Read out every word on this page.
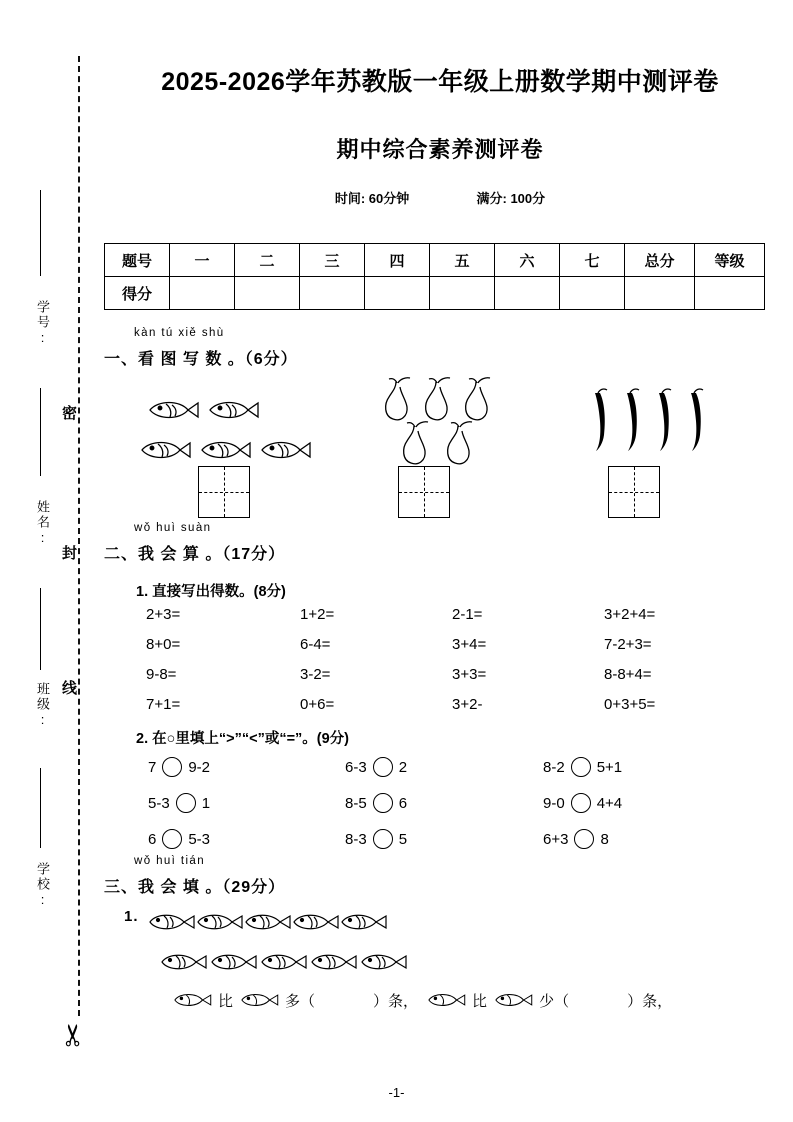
✂
学号:
姓名:
班级:
学校:
密
封
线
2025-2026学年苏教版一年级上册数学期中测评卷
期中综合素养测评卷
时间: 60分钟	满分: 100分
题号	一	二	三	四	五	六	七	总分	等级
得分									
kàn tú xiě shù
一、看 图 写 数 。（6分）
wǒ huì suàn
二、我 会 算 。（17分）
1. 直接写出得数。(8分)
2+3=	1+2=	2-1=	3+2+4=
8+0=	6-4=	3+4=	7-2+3=
9-8=	3-2=	3+3=	8-8+4=
7+1=	0+6=	3+2-	0+3+5=
2. 在○里填上“>”“<”或“=”。(9分)
7 9-2	6-3 2	8-2 5+1
5-3 1	8-5 6	9-0 4+4
6 5-3	8-3 5	6+3 8
wǒ huì tián
三、我 会 填 。（29分）
1.
比	多（	）条，	比	少（	）条，
-1-
